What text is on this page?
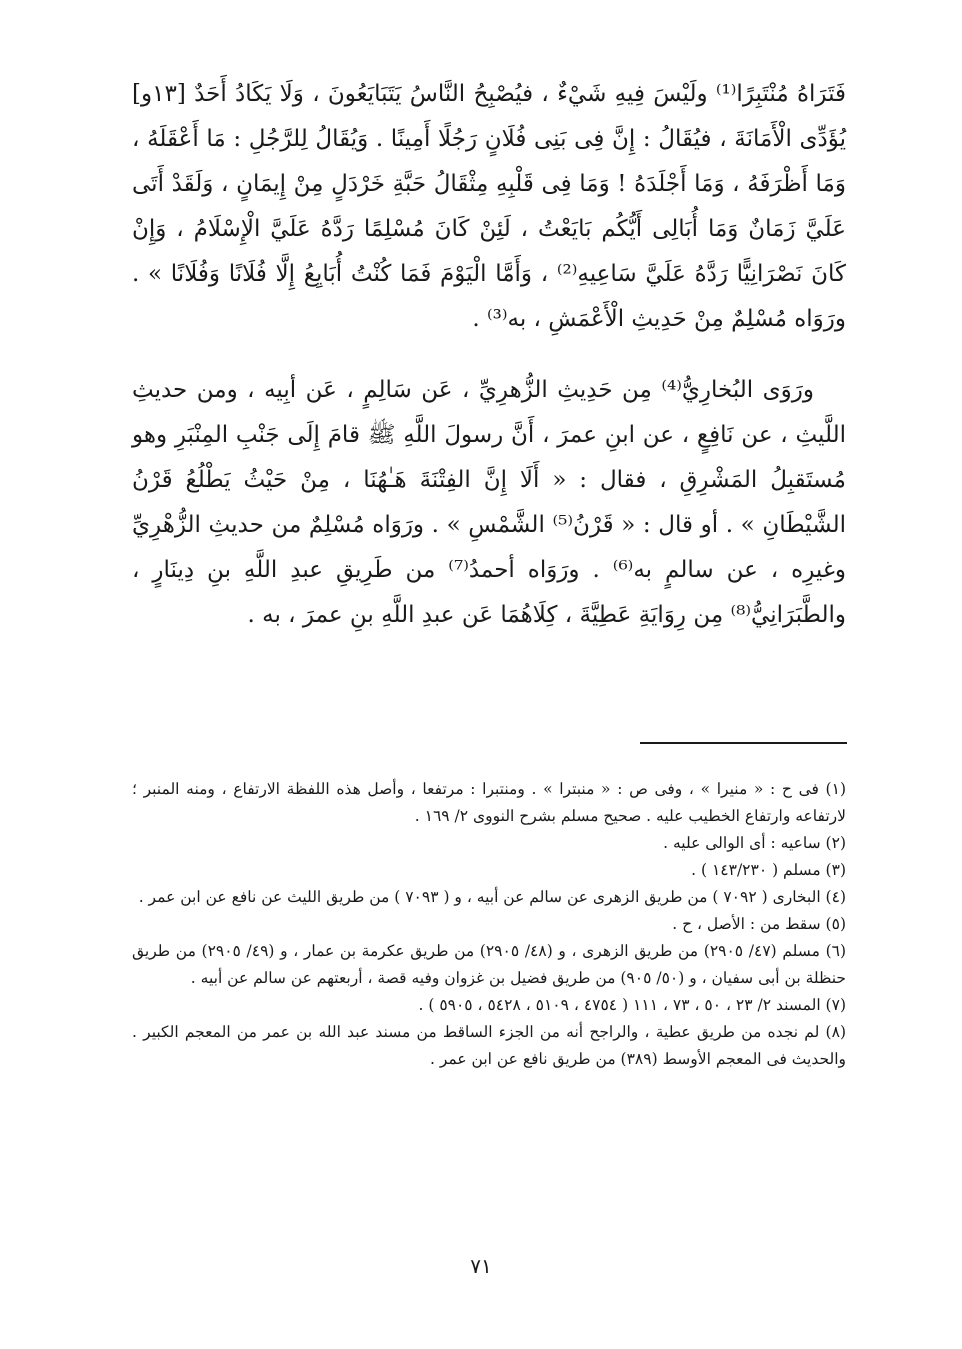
فَتَرَاهُ مُنْتَبِرًا⁽¹⁾ ولَيْسَ فِيهِ شَيْءٌ ، فيُصْبِحُ النَّاسُ يَتَبَايَعُونَ ، وَلَا يَكَادُ أَحَدٌ [١٣و] يُؤَدِّى الْأَمَانَةَ ، فيُقَالُ : إِنَّ فِى بَنِى فُلَانٍ رَجُلًا أَمِينًا . وَيُقَالُ لِلرَّجُلِ : مَا أَعْقَلَهُ ، وَمَا أَظْرَفَهُ ، وَمَا أَجْلَدَهُ ! وَمَا فِى قَلْبِهِ مِثْقَالُ حَبَّةِ خَرْدَلٍ مِنْ إِيمَانٍ ، وَلَقَدْ أَتَى عَلَيَّ زَمَانٌ وَمَا أُبَالِى أَيُّكُم بَايَعْتُ ، لَئِنْ كَانَ مُسْلِمًا رَدَّهُ عَلَيَّ الْإِسْلَامُ ، وَإِنْ كَانَ نَصْرَانِيًّا رَدَّهُ عَلَيَّ سَاعِيهِ⁽²⁾ ، وَأَمَّا الْيَوْمَ فَمَا كُنْتُ أُبَايِعُ إِلَّا فُلَانًا وَفُلَانًا » . ورَوَاه مُسْلِمٌ مِنْ حَدِيثِ الْأَعْمَشِ ، به⁽³⁾ .

ورَوَى البُخارِيُّ⁽⁴⁾ مِن حَدِيثِ الزُّهرِيِّ ، عَن سَالِمٍ ، عَن أبِيه ، ومن حديثِ اللَّيثِ ، عن نَافِعٍ ، عن ابنِ عمرَ ، أَنَّ رسولَ اللَّهِ ﷺ قامَ إِلَى جَنْبِ المِنْبَرِ وهو مُستَقبِلُ المَشْرِقِ ، فقال : « أَلَا إِنَّ الفِتْنَةَ هَـٰهُنَا ، مِنْ حَيْثُ يَطْلُعُ قَرْنُ الشَّيْطَانِ » . أو قال : « قَرْنُ⁽⁵⁾ الشَّمْسِ » . ورَوَاه مُسْلِمٌ من حديثِ الزُّهْرِيِّ وغيرِه ، عن سالمٍ به⁽⁶⁾ . ورَوَاه أحمدُ⁽⁷⁾ من طَرِيقِ عبدِ اللَّهِ بنِ دِينَارٍ ، والطَّبَرَانِيُّ⁽⁸⁾ مِن رِوَايَةِ عَطِيَّةَ ، كِلَاهُمَا عَن عبدِ اللَّهِ بنِ عمرَ ، به .

(١) فى ح : « منيرا » ، وفى ص : « منبترا » . ومنتبرا : مرتفعا ، وأصل هذه اللفظة الارتفاع ، ومنه المنبر ؛ لارتفاعه وارتفاع الخطيب عليه . صحيح مسلم بشرح النووى ٢/ ١٦٩ .

(٢) ساعيه : أى الوالى عليه .

(٣) مسلم ( ١٤٣/٢٣٠ ) .

(٤) البخارى ( ٧٠٩٢ ) من طريق الزهرى عن سالم عن أبيه ، و ( ٧٠٩٣ ) من طريق الليث عن نافع عن ابن عمر .

(٥) سقط من : الأصل ، ح .

(٦) مسلم (٤٧/ ٢٩٠٥) من طريق الزهرى ، و (٤٨/ ٢٩٠٥) من طريق عكرمة بن عمار ، و (٤٩/ ٢٩٠٥) من طريق حنظلة بن أبى سفيان ، و (٥٠/ ٩٠٥) من طريق فضيل بن غزوان وفيه قصة ، أربعتهم عن سالم عن أبيه .

(٧) المسند ٢/ ٢٣ ، ٥٠ ، ٧٣ ، ١١١ ( ٤٧٥٤ ، ٥١٠٩ ، ٥٤٢٨ ، ٥٩٠٥ ) .

(٨) لم نجده من طريق عطية ، والراجح أنه من الجزء الساقط من مسند عبد الله بن عمر من المعجم الكبير . والحديث فى المعجم الأوسط (٣٨٩) من طريق نافع عن ابن عمر .

٧١
